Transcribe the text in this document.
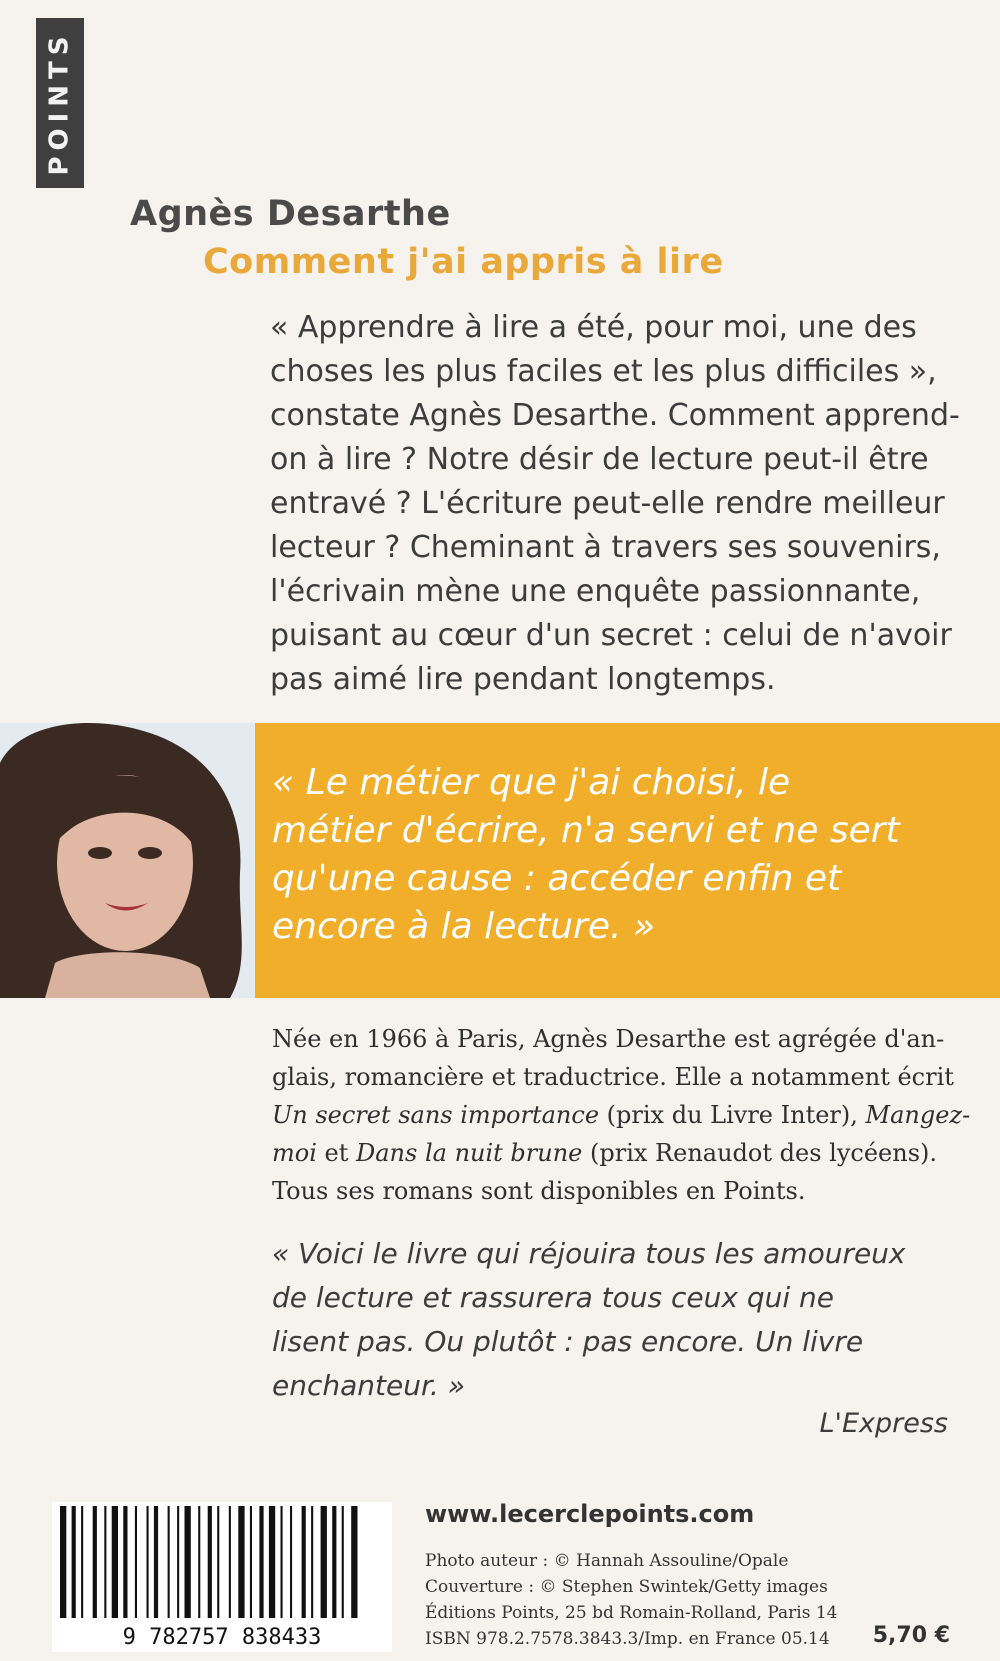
POINTS
Agnès Desarthe
Comment j'ai appris à lire
« Apprendre à lire a été, pour moi, une des
choses les plus faciles et les plus difficiles »,
constate Agnès Desarthe. Comment apprend-
on à lire ? Notre désir de lecture peut-il être
entravé ? L'écriture peut-elle rendre meilleur
lecteur ? Cheminant à travers ses souvenirs,
l'écrivain mène une enquête passionnante,
puisant au cœur d'un secret : celui de n'avoir
pas aimé lire pendant longtemps.
« Le métier que j'ai choisi, le
métier d'écrire, n'a servi et ne sert
qu'une cause : accéder enfin et
encore à la lecture. »
Née en 1966 à Paris, Agnès Desarthe est agrégée d'an-
glais, romancière et traductrice. Elle a notamment écrit
Un secret sans importance (prix du Livre Inter), Mangez-
moi et Dans la nuit brune (prix Renaudot des lycéens).
Tous ses romans sont disponibles en Points.
« Voici le livre qui réjouira tous les amoureux
de lecture et rassurera tous ceux qui ne
lisent pas. Ou plutôt : pas encore. Un livre
enchanteur. »
L'Express
9 782757 838433
www.lecerclepoints.com
Photo auteur : © Hannah Assouline/Opale
Couverture : © Stephen Swintek/Getty images
Éditions Points, 25 bd Romain-Rolland, Paris 14
ISBN 978.2.7578.3843.3/Imp. en France 05.14	5,70 €
